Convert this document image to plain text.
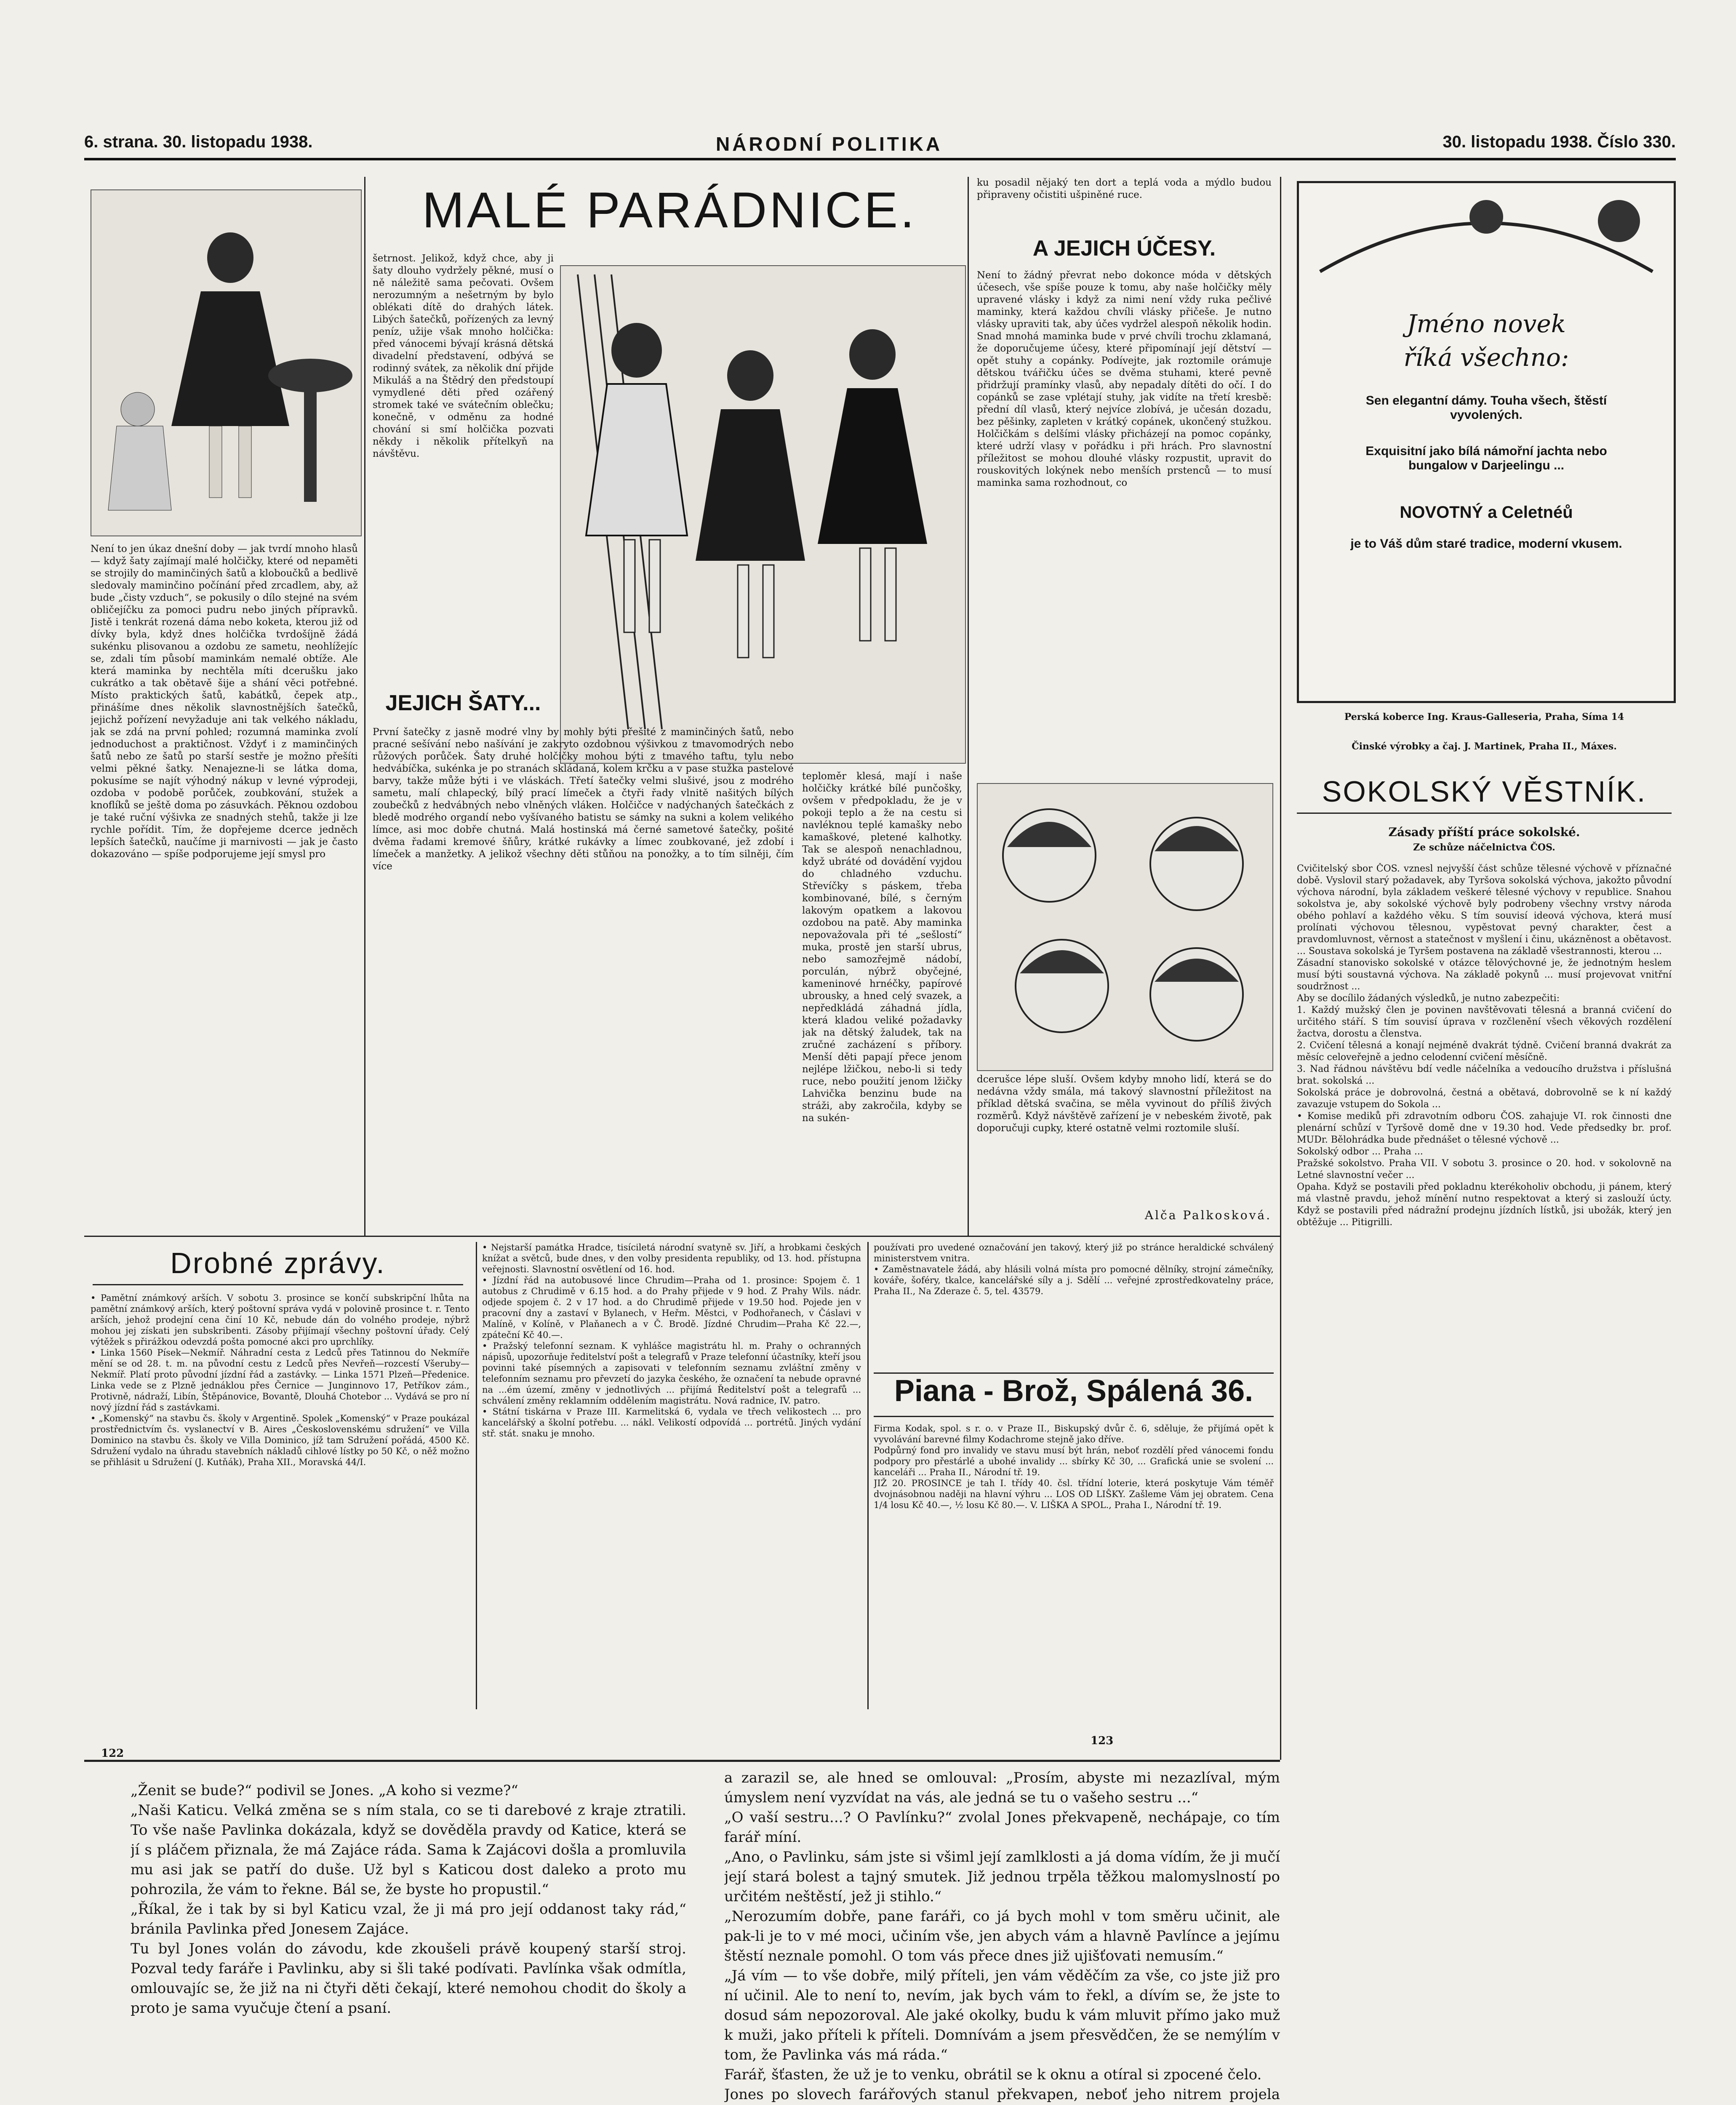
6. strana. 30. listopadu 1938.	NÁRODNÍ POLITIKA	30. listopadu 1938. Číslo 330.
MALÉ PARÁDNICE.
Není to jen úkaz dnešní doby — jak tvrdí mnoho hlasů — když šaty zajímají malé holčičky, které od nepaměti se strojily do maminčiných šatů a kloboučků a bedlivě sledovaly maminčino počínání před zrcadlem, aby, až bude „čisty vzduch“, se pokusily o dílo stejné na svém obličejíčku za pomoci pudru nebo jiných přípravků. Jistě i tenkrát rozená dáma nebo koketa, kterou již od dívky byla, když dnes holčička tvrdošíjně žádá sukénku plisovanou a ozdobu ze sametu, neohlížejíc se, zdali tím působí maminkám nemalé obtíže. Ale která maminka by nechtěla míti dcerušku jako cukrátko a tak obětavě šije a shání věci potřebné. Místo praktických šatů, kabátků, čepek atp., přinášíme dnes několik slavnostnějších šatečků, jejichž pořízení nevyžaduje ani tak velkého nákladu, jak se zdá na první pohled; rozumná maminka zvolí jednoduchost a praktičnost. Vždyť i z maminčiných šatů nebo ze šatů po starší sestře je možno přešíti velmi pěkné šatky. Nenajezne-li se látka doma, pokusíme se najít výhodný nákup v levné výprodeji, ozdoba v podobě porůček, zoubkování, stužek a knoflíků se ještě doma po zásuvkách. Pěknou ozdobou je také ruční výšivka ze snadných stehů, takže ji lze rychle pořídit. Tím, že dopřejeme dcerce jedněch lepších šatečků, naučíme ji marnivosti — jak je často dokazováno — spíše podporujeme její smysl pro
šetrnost. Jelikož, když chce, aby ji šaty dlouho vydržely pěkné, musí o ně náležitě sama pečovati. Ovšem nerozumným a nešetrným by bylo oblékati dítě do drahých látek. Libých šatečků, pořízených za levný peníz, užije však mnoho holčička: před vánocemi bývají krásná dětská divadelní představení, odbývá se rodinný svátek, za několik dní přijde Mikuláš a na Štědrý den předstoupí vymydlené děti před ozářený stromek také ve svátečním oblečku; konečně, v odměnu za hodné chování si smí holčička pozvati někdy i několik přítelkyň na návštěvu.
JEJICH ŠATY...
První šatečky z jasně modré vlny by mohly býti přešité z maminčiných šatů, nebo pracné sešívání nebo našívání je zakryto ozdobnou výšivkou z tmavomodrých nebo růžových porůček. Šaty druhé holčičky mohou býti z tmavého taftu, tylu nebo hedvábíčka, sukénka je po stranách skládaná, kolem krčku a v pase stužka pastelové barvy, takže může býti i ve vláskách. Třetí šatečky velmi slušivé, jsou z modrého sametu, malí chlapecký, bílý prací límeček a čtyři řady vlnitě našitých bílých zoubečků z hedvábných nebo vlněných vláken. Holčičce v nadýchaných šatečkách z bledě modrého organdí nebo vyšívaného batistu se sámky na sukni a kolem velikého límce, asi moc dobře chutná. Malá hostinská má černé sametové šatečky, pošité dvěma řadami kremové šňůry, krátké rukávky a límec zoubkované, jež zdobí i límeček a manžetky. A jelikož všechny děti stůňou na ponožky, a to tím silněji, čím více
teploměr klesá, mají i naše holčičky krátké bílé punčošky, ovšem v předpokladu, že je v pokoji teplo a že na cestu si navléknou teplé kamašky nebo kamaškové, pletené kalhotky. Tak se alespoň nenachladnou, když ubráté od dovádění vyjdou do chladného vzduchu. Střevíčky s páskem, třeba kombinované, bílé, s černým lakovým opatkem a lakovou ozdobou na patě. Aby maminka nepovažovala při té „sešlostí“ muka, prostě jen starší ubrus, nebo samozřejmě nádobí, porculán, nýbrž obyčejné, kameninové hrnéčky, papírové ubrousky, a hned celý svazek, a nepředkládá záhadná jídla, která kladou veliké požadavky jak na dětský žaludek, tak na zručné zacházení s příbory. Menší děti papají přece jenom nejlépe lžičkou, nebo-li si tedy ruce, nebo použití jenom lžičky Lahvička benzinu bude na stráži, aby zakročila, kdyby se na sukén-
ku posadil nějaký ten dort a teplá voda a mýdlo budou připraveny očistiti ušpiněné ruce.
A JEJICH ÚČESY.
Není to žádný převrat nebo dokonce móda v dětských účesech, vše spíše pouze k tomu, aby naše holčičky měly upravené vlásky i když za nimi není vždy ruka pečlivé maminky, která každou chvíli vlásky přičeše. Je nutno vlásky upraviti tak, aby účes vydržel alespoň několik hodin. Snad mnohá maminka bude v prvé chvíli trochu zklamaná, že doporučujeme účesy, které připomínají její dětství — opět stuhy a copánky. Podívejte, jak roztomile orámuje dětskou tvářičku účes se dvěma stuhami, které pevně přidržují pramínky vlasů, aby nepadaly dítěti do očí. I do copánků se zase vplétají stuhy, jak vidíte na třetí kresbě: přední díl vlasů, který nejvíce zlobívá, je učesán dozadu, bez pěšinky, zapleten v krátký copánek, ukončený stužkou. Holčičkám s delšími vlásky přicházejí na pomoc copánky, které udrží vlasy v pořádku i při hrách. Pro slavnostní příležitost se mohou dlouhé vlásky rozpustit, upravit do rouskovitých lokýnek nebo menších prstenců — to musí maminka sama rozhodnout, co
dcerušce lépe sluší. Ovšem kdyby mnoho lidí, která se do nedávna vždy smála, má takový slavnostní příležitost na příklad dětská svačina, se měla vyvinout do příliš živých rozměrů. Když návštěvě zařízení je v nebeském životě, pak doporučuji cupky, které ostatně velmi roztomile sluší.
Alča Palkosková.
Drobné zprávy.
• Pamětní známkový arších. V sobotu 3. prosince se končí subskripční lhůta na pamětní známkový arších, který poštovní správa vydá v polovině prosince t. r. Tento arších, jehož prodejní cena činí 10 Kč, nebude dán do volného prodeje, nýbrž mohou jej získati jen subskribenti. Zásoby přijímají všechny poštovní úřady. Celý výtěžek s přirážkou odevzdá pošta pomocné akci pro uprchlíky.
• Linka 1560 Písek—Nekmíř. Náhradní cesta z Ledců přes Tatinnou do Nekmíře mění se od 28. t. m. na původní cestu z Ledců přes Nevřeň—rozcestí Všeruby—Nekmíř. Platí proto původní jízdní řád a zastávky. — Linka 1571 Plzeň—Předenice. Linka vede se z Plzně jednáklou přes Černice — Junginnovo 17, Petříkov zám., Protivně, nádraží, Libín, Štěpánovice, Bovantě, Dlouhá Chotebor ... Vydává se pro ní nový jízdní řád s zastávkami.
• „Komenský“ na stavbu čs. školy v Argentině. Spolek „Komenský“ v Praze poukázal prostřednictvím čs. vyslanectví v B. Aires „Československému sdružení“ ve Villa Dominico na stavbu čs. školy ve Villa Dominico, jíž tam Sdružení pořádá, 4500 Kč. Sdružení vydalo na úhradu stavebních nákladů cihlové lístky po 50 Kč, o něž možno se přihlásit u Sdružení (J. Kutňák), Praha XII., Moravská 44/I.
• Nejstarší památka Hradce, tisíciletá národní svatyně sv. Jiří, a hrobkami českých knížat a světců, bude dnes, v den volby presidenta republiky, od 13. hod. přístupna veřejnosti. Slavnostní osvětlení od 16. hod.
• Jízdní řád na autobusové lince Chrudim—Praha od 1. prosince: Spojem č. 1 autobus z Chrudimě v 6.15 hod. a do Prahy přijede v 9 hod. Z Prahy Wils. nádr. odjede spojem č. 2 v 17 hod. a do Chrudimě přijede v 19.50 hod. Pojede jen v pracovní dny a zastaví v Bylanech, v Heřm. Městci, v Podhořanech, v Čáslavi v Malíně, v Kolíně, v Plaňanech a v Č. Brodě. Jízdné Chrudim—Praha Kč 22.—, zpáteční Kč 40.—.
• Pražský telefonní seznam. K vyhlášce magistrátu hl. m. Prahy o ochranných nápisů, upozorňuje ředitelství pošt a telegrafů v Praze telefonní účastníky, kteří jsou povinni také písemných a zapisovati v telefonním seznamu zvláštní změny v telefonním seznamu pro převzetí do jazyka českého, že označení ta nebude opravné na ...ém území, změny v jednotlivých ... přijímá Ředitelství pošt a telegrafů ... schválení změny reklamním oddělením magistrátu. Nová radnice, IV. patro.
• Státní tiskárna v Praze III. Karmelitská 6, vydala ve třech velikostech ... pro kancelářský a školní potřebu. ... nákl. Velikostí odpovídá ... portrétů. Jiných vydání stř. stát. snaku je mnoho.
používati pro uvedené označování jen takový, který již po stránce heraldické schválený ministerstvem vnitra.
• Zaměstnavatele žádá, aby hlásili volná místa pro pomocné dělníky, strojní zámečníky, kováře, šoféry, tkalce, kancelářské síly a j. Sdělí ... veřejné zprostředkovatelny práce, Praha II., Na Zderaze č. 5, tel. 43579.
Piana - Brož, Spálená 36.
Firma Kodak, spol. s r. o. v Praze II., Biskupský dvůr č. 6, sděluje, že přijímá opět k vyvolávání barevné filmy Kodachrome stejně jako dříve.
Podpůrný fond pro invalidy ve stavu musí být hrán, neboť rozdělí před vánocemi fondu podpory pro přestárlé a ubohé invalidy ... sbírky Kč 30, ... Grafická unie se svolení ... kanceláři ... Praha II., Národní tř. 19.
JIŽ 20. PROSINCE je tah I. třídy 40. čsl. třídní loterie, která poskytuje Vám téměř dvojnásobnou naději na hlavní výhru ... LOS OD LIŠKY. Zašleme Vám jej obratem. Cena 1/4 losu Kč 40.—, ½ losu Kč 80.—. V. LIŠKA A SPOL., Praha I., Národní tř. 19.
Jméno novek
říká všechno:
Sen elegantní dámy. Touha všech, štěstí vyvolených.
Exquisitní jako bílá námořní jachta nebo bungalow v Darjeelingu ...
NOVOTNÝ a Celetnéů
je to Váš dům staré tradice, moderní vkusem.
Perská koberce Ing. Kraus-Galleseria, Praha, Síma 14
Činské výrobky a čaj. J. Martinek, Praha II., Máxes.
SOKOLSKÝ VĚSTNÍK.
Zásady příští práce sokolské.
Ze schůze náčelnictva ČOS.
Cvičitelský sbor ČOS. vznesl nejvyšší část schůze tělesné výchově v příznačné době. Vyslovil starý požadavek, aby Tyršova sokolská výchova, jakožto původní výchova národní, byla základem veškeré tělesné výchovy v republice. Snahou sokolstva je, aby sokolské výchově byly podrobeny všechny vrstvy národa obého pohlaví a každého věku. S tím souvisí ideová výchova, která musí prolínati výchovou tělesnou, vypěstovat pevný charakter, čest a pravdomluvnost, věrnost a statečnost v myšlení i činu, ukázněnost a obětavost. ... Soustava sokolská je Tyršem postavena na základě všestrannosti, kterou ...
Zásadní stanovisko sokolské v otázce tělovýchovné je, že jednotným heslem musí býti soustavná výchova. Na základě pokynů ... musí projevovat vnitřní soudržnost ...
Aby se docílilo žádaných výsledků, je nutno zabezpečiti:
1. Každý mužský člen je povinen navštěvovati tělesná a branná cvičení do určitého stáří. S tím souvisí úprava v rozčlenění všech věkových rozdělení žactva, dorostu a členstva.
2. Cvičení tělesná a konají nejméně dvakrát týdně. Cvičení branná dvakrát za měsíc celoveřejně a jedno celodenní cvičení měsíčně.
3. Nad řádnou návštěvu bdí vedle náčelníka a vedoucího družstva i příslušná brat. sokolská ...
Sokolská práce je dobrovolná, čestná a obětavá, dobrovolně se k ní každý zavazuje vstupem do Sokola ...
• Komise mediků při zdravotním odboru ČOS. zahajuje VI. rok činnosti dne plenární schůzí v Tyršově domě dne v 19.30 hod. Vede předsedky br. prof. MUDr. Bělohrádka bude přednášet o tělesné výchově ...
Sokolský odbor ... Praha ...
Pražské sokolstvo. Praha VII. V sobotu 3. prosince o 20. hod. v sokolovně na Letné slavnostní večer ...
Opaha. Když se postavili před pokladnu kterékoholiv obchodu, ji pánem, který má vlastně pravdu, jehož mínění nutno respektovat a který si zaslouží úcty. Když se postavili před nádražní prodejnu jízdních lístků, jsi ubožák, který jen obtěžuje ... Pitigrilli.
122
123
„Ženit se bude?“ podivil se Jones. „A koho si vezme?“
„Naši Katicu. Velká změna se s ním stala, co se ti darebové z kraje ztratili. To vše naše Pavlinka dokázala, když se dověděla pravdy od Katice, která se jí s pláčem přiznala, že má Zajáce ráda. Sama k Zajácovi došla a promluvila mu asi jak se patří do duše. Už byl s Katicou dost daleko a proto mu pohrozila, že vám to řekne. Bál se, že byste ho propustil.“
„Říkal, že i tak by si byl Katicu vzal, že ji má pro její oddanost taky rád,“ bránila Pavlinka před Jonesem Zajáce.
Tu byl Jones volán do závodu, kde zkoušeli právě koupený starší stroj. Pozval tedy faráře i Pavlinku, aby si šli také podívati. Pavlínka však odmítla, omlouvajíc se, že již na ni čtyři děti čekají, které nemohou chodit do školy a proto je sama vyučuje čtení a psaní.
a zarazil se, ale hned se omlouval: „Prosím, abyste mi nezazlíval, mým úmyslem není vyzvídat na vás, ale jedná se tu o vašeho sestru ...“
„O vaší sestru...? O Pavlínku?“ zvolal Jones překvapeně, nechápaje, co tím farář míní.
„Ano, o Pavlinku, sám jste si všiml její zamlklosti a já doma vídím, že ji mučí její stará bolest a tajný smutek. Již jednou trpěla těžkou malomyslností po určitém neštěstí, jež ji stihlo.“
„Nerozumím dobře, pane faráři, co já bych mohl v tom směru učinit, ale pak-li je to v mé moci, učiním vše, jen abych vám a hlavně Pavlínce a jejímu štěstí neznale pomohl. O tom vás přece dnes již ujišťovati nemusím.“
„Já vím — to vše dobře, milý příteli, jen vám věděčím za vše, co jste již pro ní učinil. Ale to není to, nevím, jak bych vám to řekl, a dívím se, že jste to dosud sám nepozoroval. Ale jaké okolky, budu k vám mluvit přímo jako muž k muži, jako příteli k příteli. Domnívám a jsem přesvědčen, že se nemýlím v tom, že Pavlinka vás má ráda.“
Farář, šťasten, že už je to venku, obrátil se k oknu a otíral si zpocené čelo.
Jones po slovech farářových stanul překvapen, neboť jeho nitrem projela
